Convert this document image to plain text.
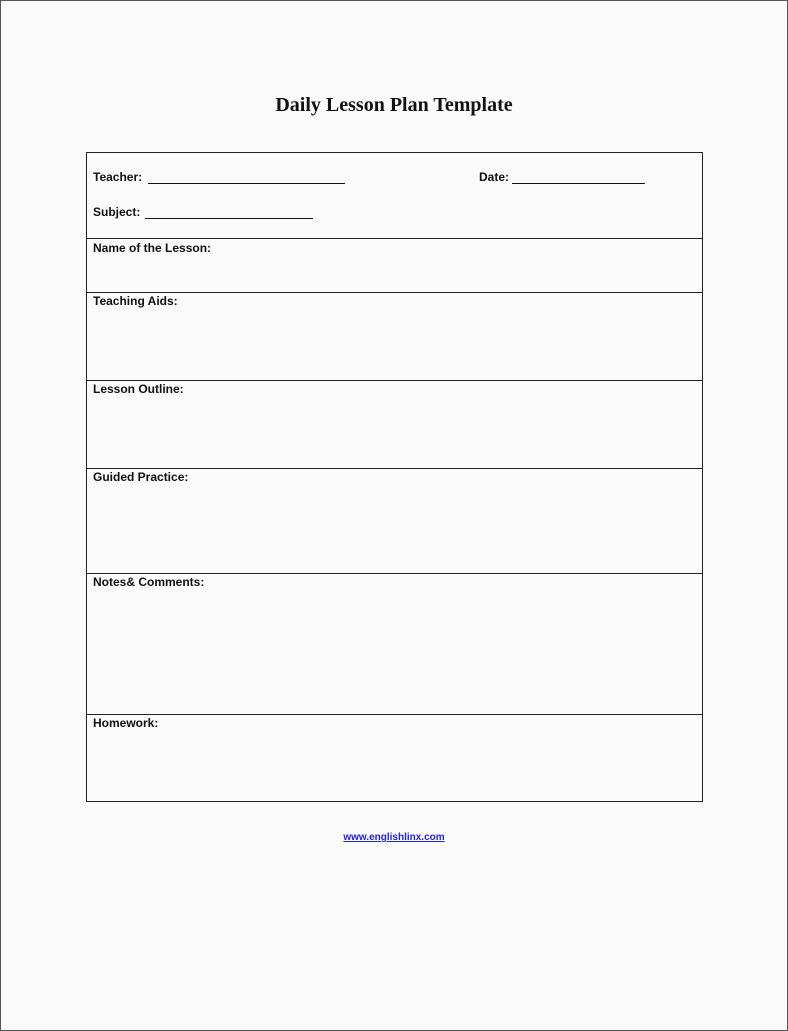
Daily Lesson Plan Template
Teacher:	Date:
Subject:
Name of the Lesson:
Teaching Aids:
Lesson Outline:
Guided Practice:
Notes& Comments:
Homework:
www.englishlinx.com
